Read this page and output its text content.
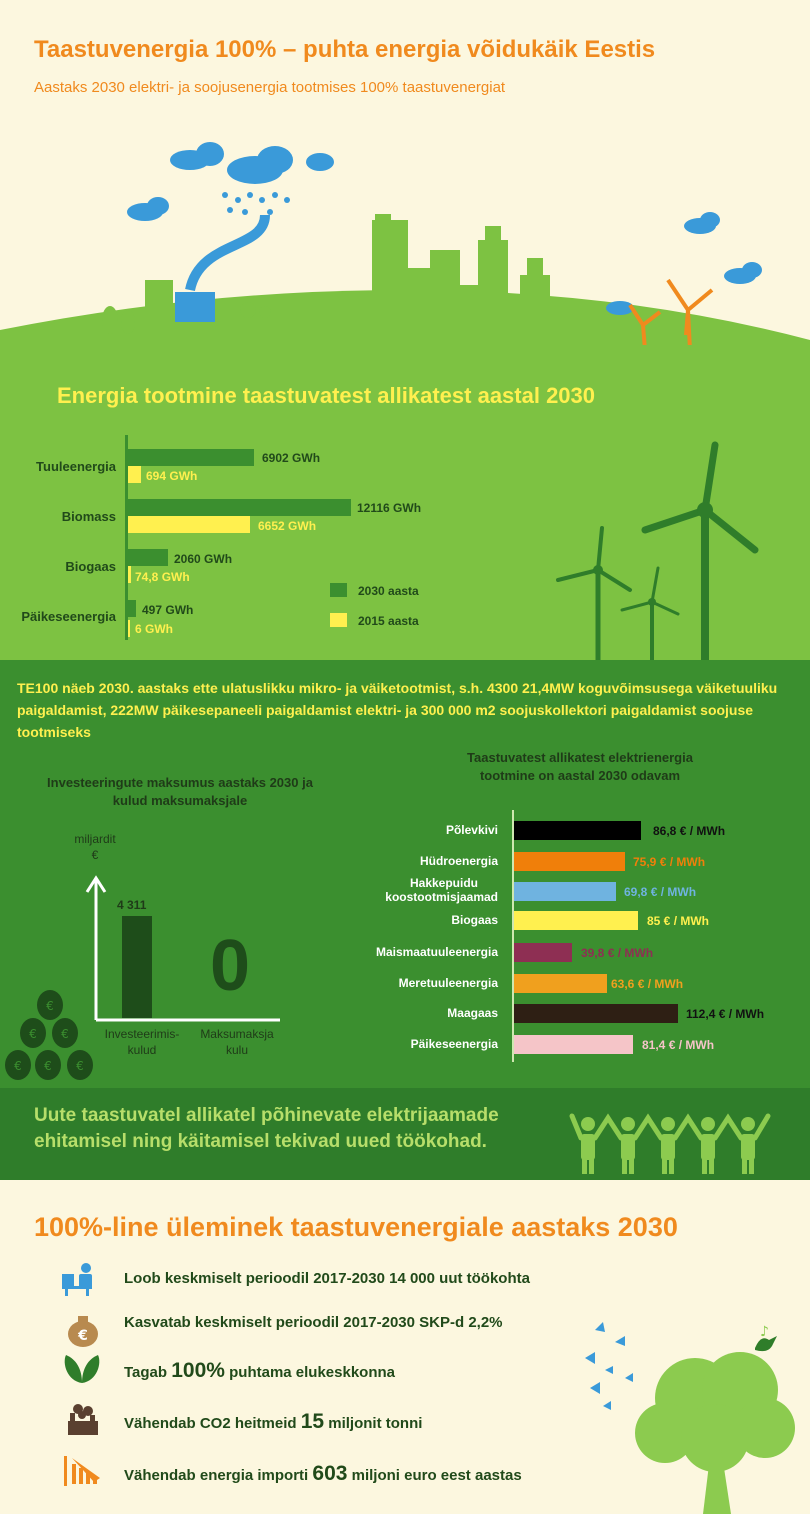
Taastuvenergia 100% – puhta energia võidukäik Eestis
Aastaks 2030 elektri- ja soojusenergia tootmises 100% taastuvenergiat
Energia tootmine taastuvatest allikatest aastal 2030
Tuuleenergia
Biomass
Biogaas
Päikeseenergia
6902 GWh
694 GWh
12116 GWh
6652 GWh
2060 GWh
74,8 GWh
497 GWh
6 GWh
2030 aasta
2015 aasta
TE100 näeb 2030. aastaks ette ulatuslikku mikro- ja väiketootmist, s.h. 4300 21,4MW koguvõimsusega väiketuuliku paigaldamist, 222MW päikesepaneeli paigaldamist elektri- ja 300 000 m2 soojuskollektori paigaldamist soojuse tootmiseks
Investeeringute maksumus aastaks 2030 ja kulud maksumaksjale
miljardit
€
4 311
0
Investeerimis-
kulud
Maksumaksja
kulu
€
€ €
€ € €
Taastuvatest allikatest elektrienergia
tootmine on aastal 2030 odavam
Põlevkivi
Hüdroenergia
Hakkepuidu
koostootmisjaamad
Biogaas
Maismaatuuleenergia
Meretuuleenergia
Maagaas
Päikeseenergia
86,8 € / MWh
75,9 € / MWh
69,8 € / MWh
85 € / MWh
39,8 € / MWh
63,6 € / MWh
112,4 € / MWh
81,4 € / MWh
Uute taastuvatel allikatel põhinevate elektrijaamade ehitamisel ning käitamisel tekivad uued töökohad.
100%-line üleminek taastuvenergiale aastaks 2030
€
Loob keskmiselt perioodil 2017-2030 14 000 uut töökohta
Kasvatab keskmiselt perioodil 2017-2030 SKP-d 2,2%
Tagab 100% puhtama elukeskkonna
Vähendab CO2 heitmeid 15 miljonit tonni
Vähendab energia importi 603 miljoni euro eest aastas
♪
